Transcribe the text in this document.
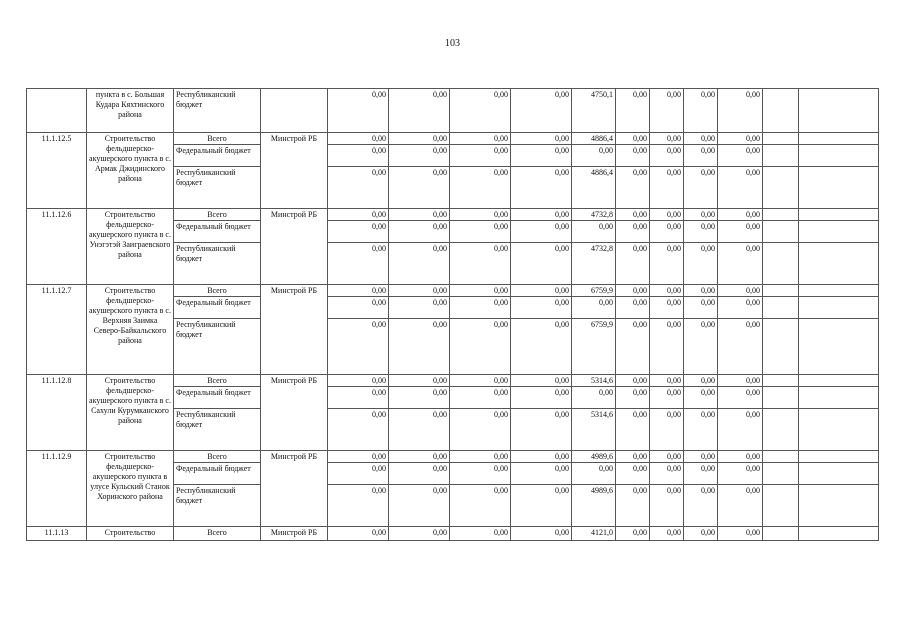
103
	пункта в с. Большая Кудара Кяхтинского района	Республиканский бюджет		0,00	0,00	0,00	0,00	4750,1	0,00	0,00	0,00	0,00		
11.1.12.5	Строительство фельдшерско-акушерского пункта в с. Армак Джидинского района	Всего	Минстрой РБ	0,00	0,00	0,00	0,00	4886,4	0,00	0,00	0,00	0,00		
		Федеральный бюджет		0,00	0,00	0,00	0,00	0,00	0,00	0,00	0,00	0,00		
		Республиканский бюджет		0,00	0,00	0,00	0,00	4886,4	0,00	0,00	0,00	0,00		
11.1.12.6	Строительство фельдшерско-акушерского пункта в с. Унэгэтэй Заиграевского района	Всего	Минстрой РБ	0,00	0,00	0,00	0,00	4732,8	0,00	0,00	0,00	0,00		
		Федеральный бюджет		0,00	0,00	0,00	0,00	0,00	0,00	0,00	0,00	0,00		
		Республиканский бюджет		0,00	0,00	0,00	0,00	4732,8	0,00	0,00	0,00	0,00		
11.1.12.7	Строительство фельдшерско-акушерского пункта в с. Верхняя Заимка Северо-Байкальского района	Всего	Минстрой РБ	0,00	0,00	0,00	0,00	6759,9	0,00	0,00	0,00	0,00		
		Федеральный бюджет		0,00	0,00	0,00	0,00	0,00	0,00	0,00	0,00	0,00		
		Республиканский бюджет		0,00	0,00	0,00	0,00	6759,9	0,00	0,00	0,00	0,00		
11.1.12.8	Строительство фельдшерско-акушерского пункта в с. Сахули Курумканского района	Всего	Минстрой РБ	0,00	0,00	0,00	0,00	5314,6	0,00	0,00	0,00	0,00		
		Федеральный бюджет		0,00	0,00	0,00	0,00	0,00	0,00	0,00	0,00	0,00		
		Республиканский бюджет		0,00	0,00	0,00	0,00	5314,6	0,00	0,00	0,00	0,00		
11.1.12.9	Строительство фельдшерско-акушерского пункта в улусе Кульский Станок Хоринского района	Всего	Минстрой РБ	0,00	0,00	0,00	0,00	4989,6	0,00	0,00	0,00	0,00		
		Федеральный бюджет		0,00	0,00	0,00	0,00	0,00	0,00	0,00	0,00	0,00		
		Республиканский бюджет		0,00	0,00	0,00	0,00	4989,6	0,00	0,00	0,00	0,00		
11.1.13	Строительство	Всего	Минстрой РБ	0,00	0,00	0,00	0,00	4121,0	0,00	0,00	0,00	0,00		
